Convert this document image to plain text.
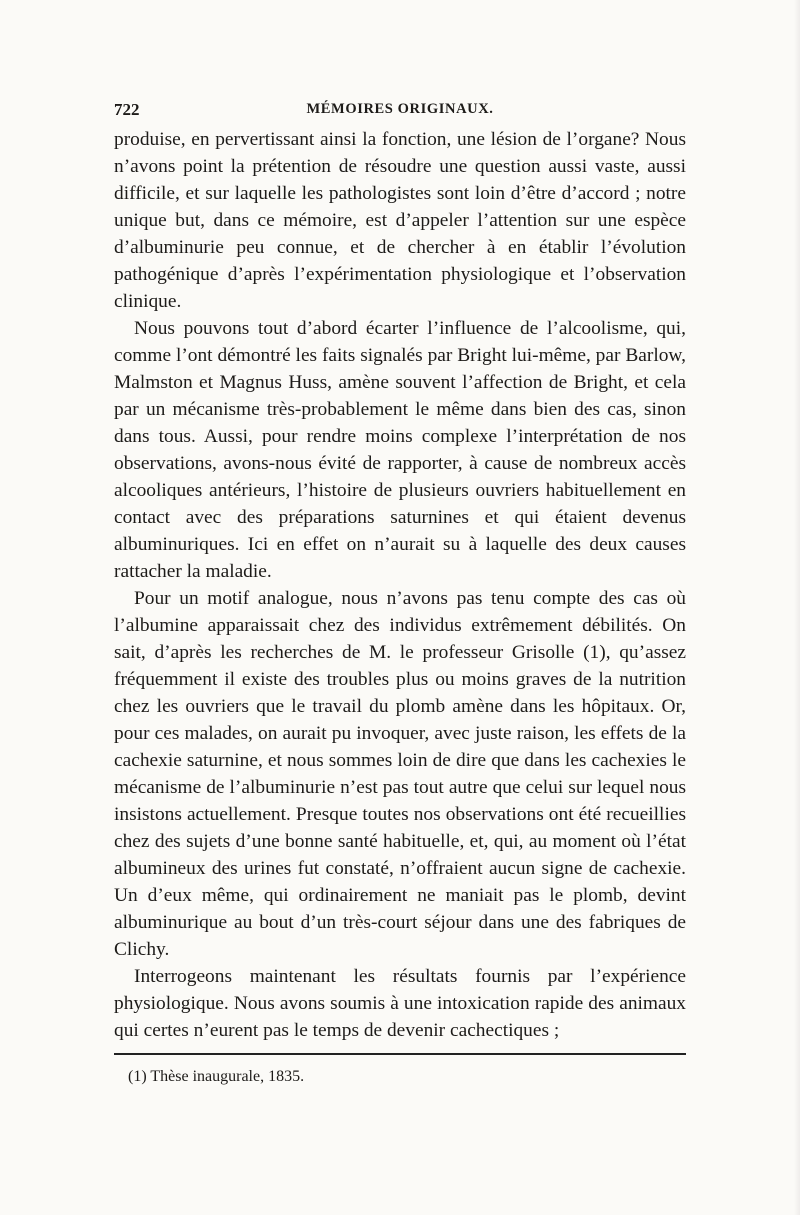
722	MÉMOIRES ORIGINAUX.

produise, en pervertissant ainsi la fonction, une lésion de l’organe? Nous n’avons point la prétention de résoudre une question aussi vaste, aussi difficile, et sur laquelle les pathologistes sont loin d’être d’accord ; notre unique but, dans ce mémoire, est d’appeler l’attention sur une espèce d’albuminurie peu connue, et de chercher à en établir l’évolution pathogénique d’après l’expérimentation physiologique et l’observation clinique.

Nous pouvons tout d’abord écarter l’influence de l’alcoolisme, qui, comme l’ont démontré les faits signalés par Bright lui-même, par Barlow, Malmston et Magnus Huss, amène souvent l’affection de Bright, et cela par un mécanisme très-probablement le même dans bien des cas, sinon dans tous. Aussi, pour rendre moins complexe l’interprétation de nos observations, avons-nous évité de rapporter, à cause de nombreux accès alcooliques antérieurs, l’histoire de plusieurs ouvriers habituellement en contact avec des préparations saturnines et qui étaient devenus albuminuriques. Ici en effet on n’aurait su à laquelle des deux causes rattacher la maladie.

Pour un motif analogue, nous n’avons pas tenu compte des cas où l’albumine apparaissait chez des individus extrêmement débilités. On sait, d’après les recherches de M. le professeur Grisolle (1), qu’assez fréquemment il existe des troubles plus ou moins graves de la nutrition chez les ouvriers que le travail du plomb amène dans les hôpitaux. Or, pour ces malades, on aurait pu invoquer, avec juste raison, les effets de la cachexie saturnine, et nous sommes loin de dire que dans les cachexies le mécanisme de l’albuminurie n’est pas tout autre que celui sur lequel nous insistons actuellement. Presque toutes nos observations ont été recueillies chez des sujets d’une bonne santé habituelle, et, qui, au moment où l’état albumineux des urines fut constaté, n’offraient aucun signe de cachexie. Un d’eux même, qui ordinairement ne maniait pas le plomb, devint albuminurique au bout d’un très-court séjour dans une des fabriques de Clichy.

Interrogeons maintenant les résultats fournis par l’expérience physiologique. Nous avons soumis à une intoxication rapide des animaux qui certes n’eurent pas le temps de devenir cachectiques ;

(1) Thèse inaugurale, 1835.
